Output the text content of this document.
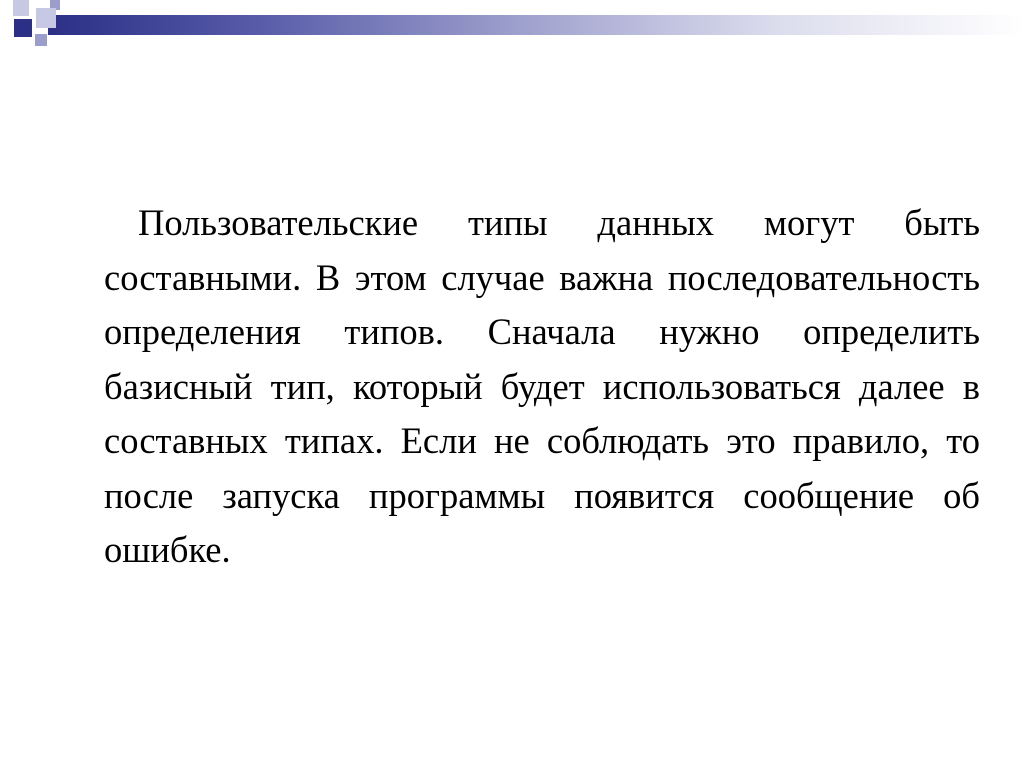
Пользовательские типы данных могут быть составными. В этом случае важна последовательность определения типов. Сначала нужно определить базисный тип, который будет использоваться далее в составных типах. Если не соблюдать это правило, то после запуска программы появится сообщение об ошибке.
